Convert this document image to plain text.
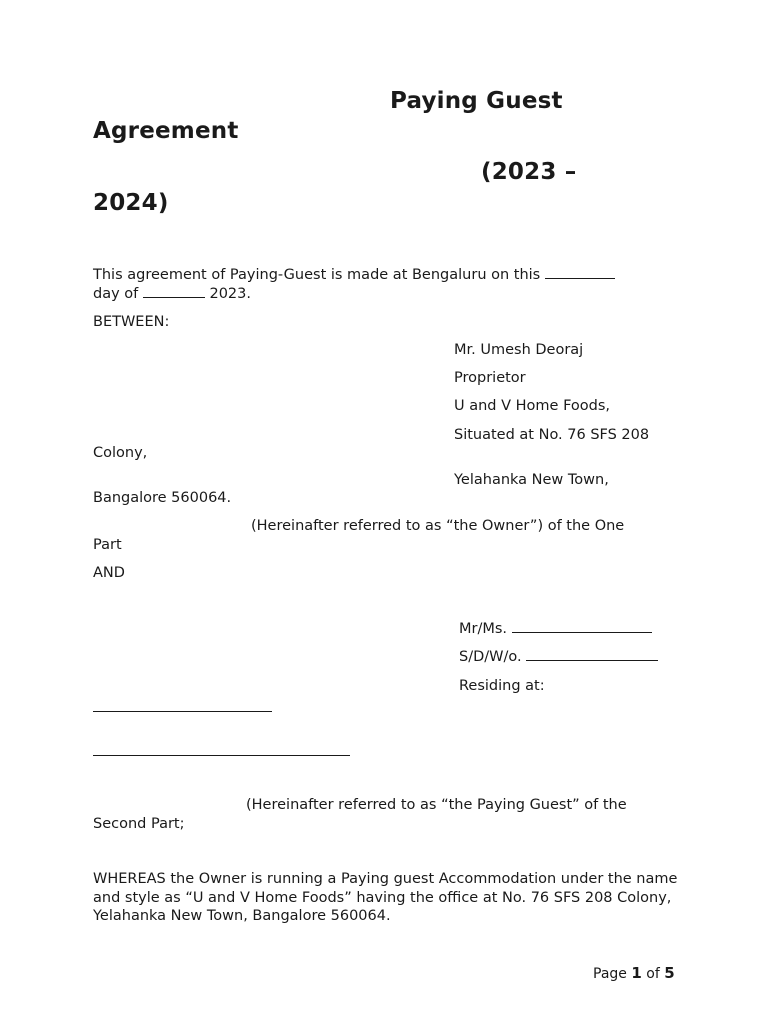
Paying Guest
Agreement
(2023 –
2024)
This agreement of Paying-Guest is made at Bengaluru on this
day of	2023.
BETWEEN:
Mr. Umesh Deoraj
Proprietor
U and V Home Foods,
Situated at No. 76 SFS 208
Colony,
Yelahanka New Town,
Bangalore 560064.
(Hereinafter referred to as “the Owner”) of the One
Part
AND
Mr/Ms.
S/D/W/o.
Residing at:
(Hereinafter referred to as “the Paying Guest” of the
Second Part;
WHEREAS the Owner is running a Paying guest Accommodation under the name and style as “U and V Home Foods” having the office at No. 76 SFS 208 Colony, Yelahanka New Town, Bangalore 560064.
Page 1 of 5
